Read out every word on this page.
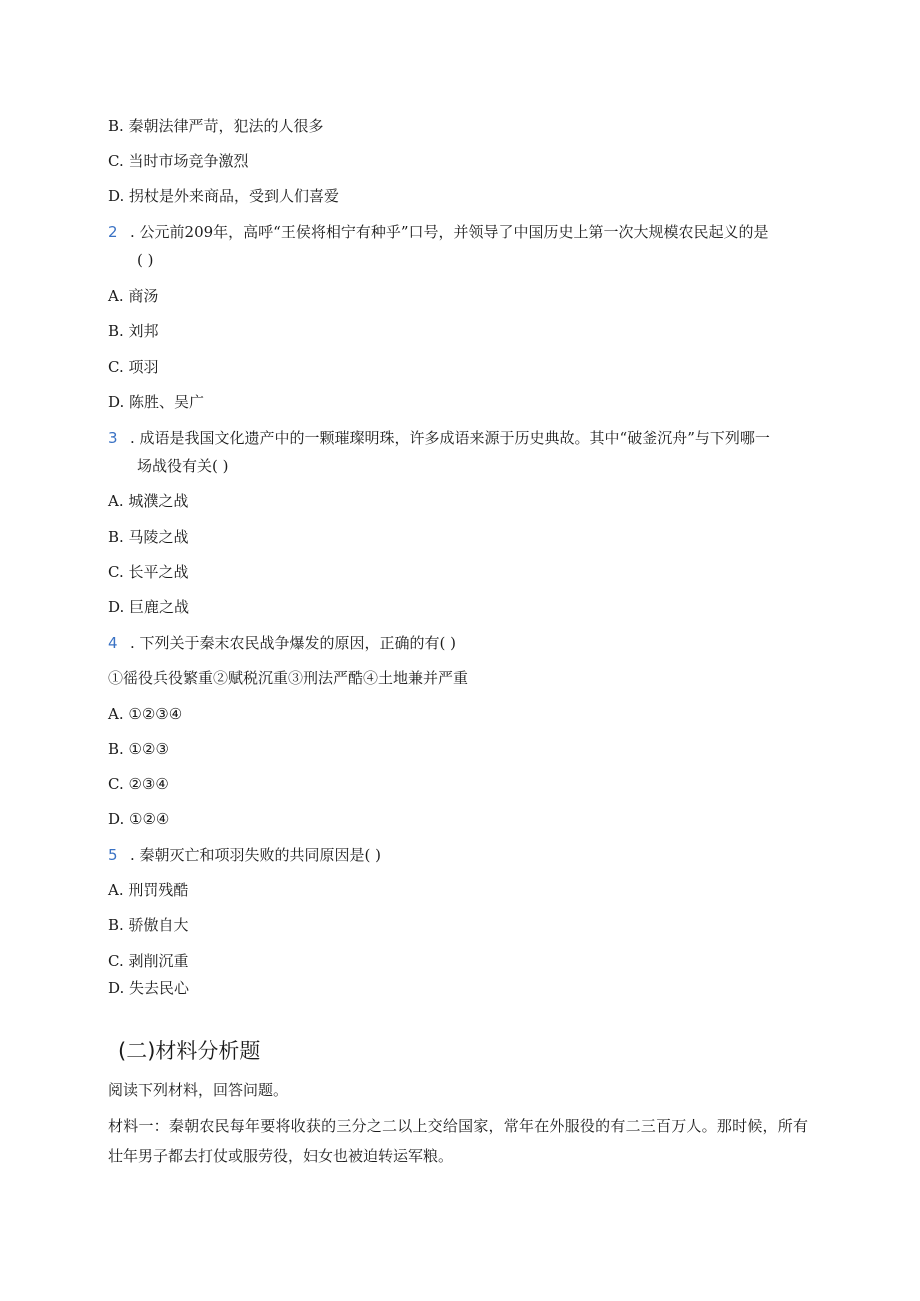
B. 秦朝法律严苛，犯法的人很多
C. 当时市场竞争激烈
D. 拐杖是外来商品，受到人们喜爱
2 . 公元前209年，高呼“王侯将相宁有种乎”口号，并领导了中国历史上第一次大规模农民起义的是
( )
A. 商汤
B. 刘邦
C. 项羽
D. 陈胜、吴广
3 . 成语是我国文化遗产中的一颗璀璨明珠，许多成语来源于历史典故。其中“破釜沉舟”与下列哪一
场战役有关( )
A. 城濮之战
B. 马陵之战
C. 长平之战
D. 巨鹿之战
4 . 下列关于秦末农民战争爆发的原因，正确的有( )
①徭役兵役繁重②赋税沉重③刑法严酷④土地兼并严重
A. ①②③④
B. ①②③
C. ②③④
D. ①②④
5 . 秦朝灭亡和项羽失败的共同原因是( )
A. 刑罚残酷
B. 骄傲自大
C. 剥削沉重
D. 失去民心
(二)材料分析题
阅读下列材料，回答问题。
材料一：秦朝农民每年要将收获的三分之二以上交给国家，常年在外服役的有二三百万人。那时候，所有壮年男子都去打仗或服劳役，妇女也被迫转运军粮。
